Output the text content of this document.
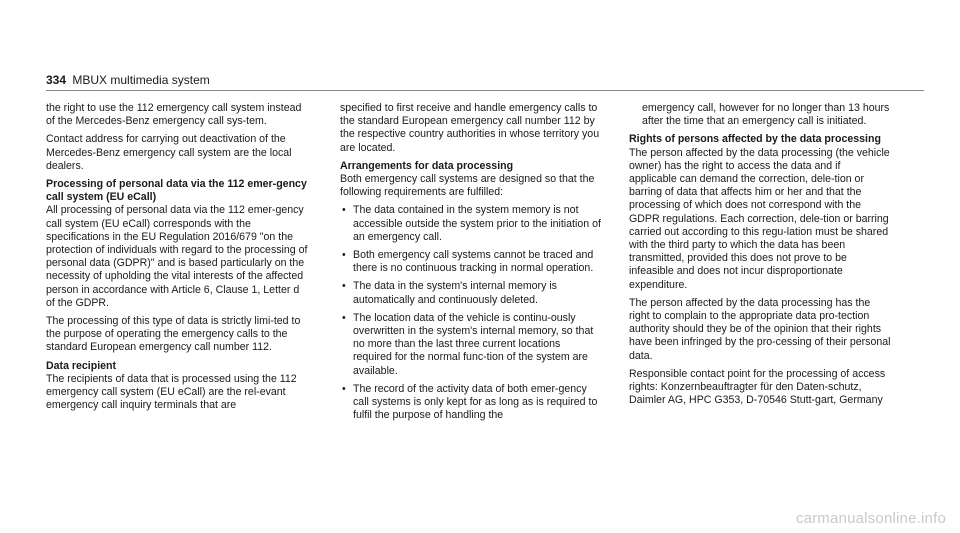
334 MBUX multimedia system

the right to use the 112 emergency call system instead of the Mercedes-Benz emergency call sys-tem.

Contact address for carrying out deactivation of the Mercedes-Benz emergency call system are the local dealers.

Processing of personal data via the 112 emer-gency call system (EU eCall)

All processing of personal data via the 112 emer-gency call system (EU eCall) corresponds with the specifications in the EU Regulation 2016/679 "on the protection of individuals with regard to the processing of personal data (GDPR)" and is based particularly on the necessity of upholding the vital interests of the affected person in accordance with Article 6, Clause 1, Letter d of the GDPR.

The processing of this type of data is strictly limi-ted to the purpose of operating the emergency calls to the standard European emergency call number 112.

Data recipient

The recipients of data that is processed using the 112 emergency call system (EU eCall) are the rel-evant emergency call inquiry terminals that are

specified to first receive and handle emergency calls to the standard European emergency call number 112 by the respective country authorities in whose territory you are located.

Arrangements for data processing

Both emergency call systems are designed so that the following requirements are fulfilled:

• The data contained in the system memory is not accessible outside the system prior to the initiation of an emergency call.
• Both emergency call systems cannot be traced and there is no continuous tracking in normal operation.
• The data in the system's internal memory is automatically and continuously deleted.
• The location data of the vehicle is continu-ously overwritten in the system's internal memory, so that no more than the last three current locations required for the normal func-tion of the system are available.
• The record of the activity data of both emer-gency call systems is only kept for as long as is required to fulfil the purpose of handling the

emergency call, however for no longer than 13 hours after the time that an emergency call is initiated.

Rights of persons affected by the data processing

The person affected by the data processing (the vehicle owner) has the right to access the data and if applicable can demand the correction, dele-tion or barring of data that affects him or her and that the processing of which does not correspond with the GDPR regulations. Each correction, dele-tion or barring carried out according to this regu-lation must be shared with the third party to which the data has been transmitted, provided this does not prove to be infeasible and does not incur disproportionate expenditure.

The person affected by the data processing has the right to complain to the appropriate data pro-tection authority should they be of the opinion that their rights have been infringed by the pro-cessing of their personal data.

Responsible contact point for the processing of access rights: Konzernbeauftragter für den Daten-schutz, Daimler AG, HPC G353, D-70546 Stutt-gart, Germany

carmanualsonline.info
